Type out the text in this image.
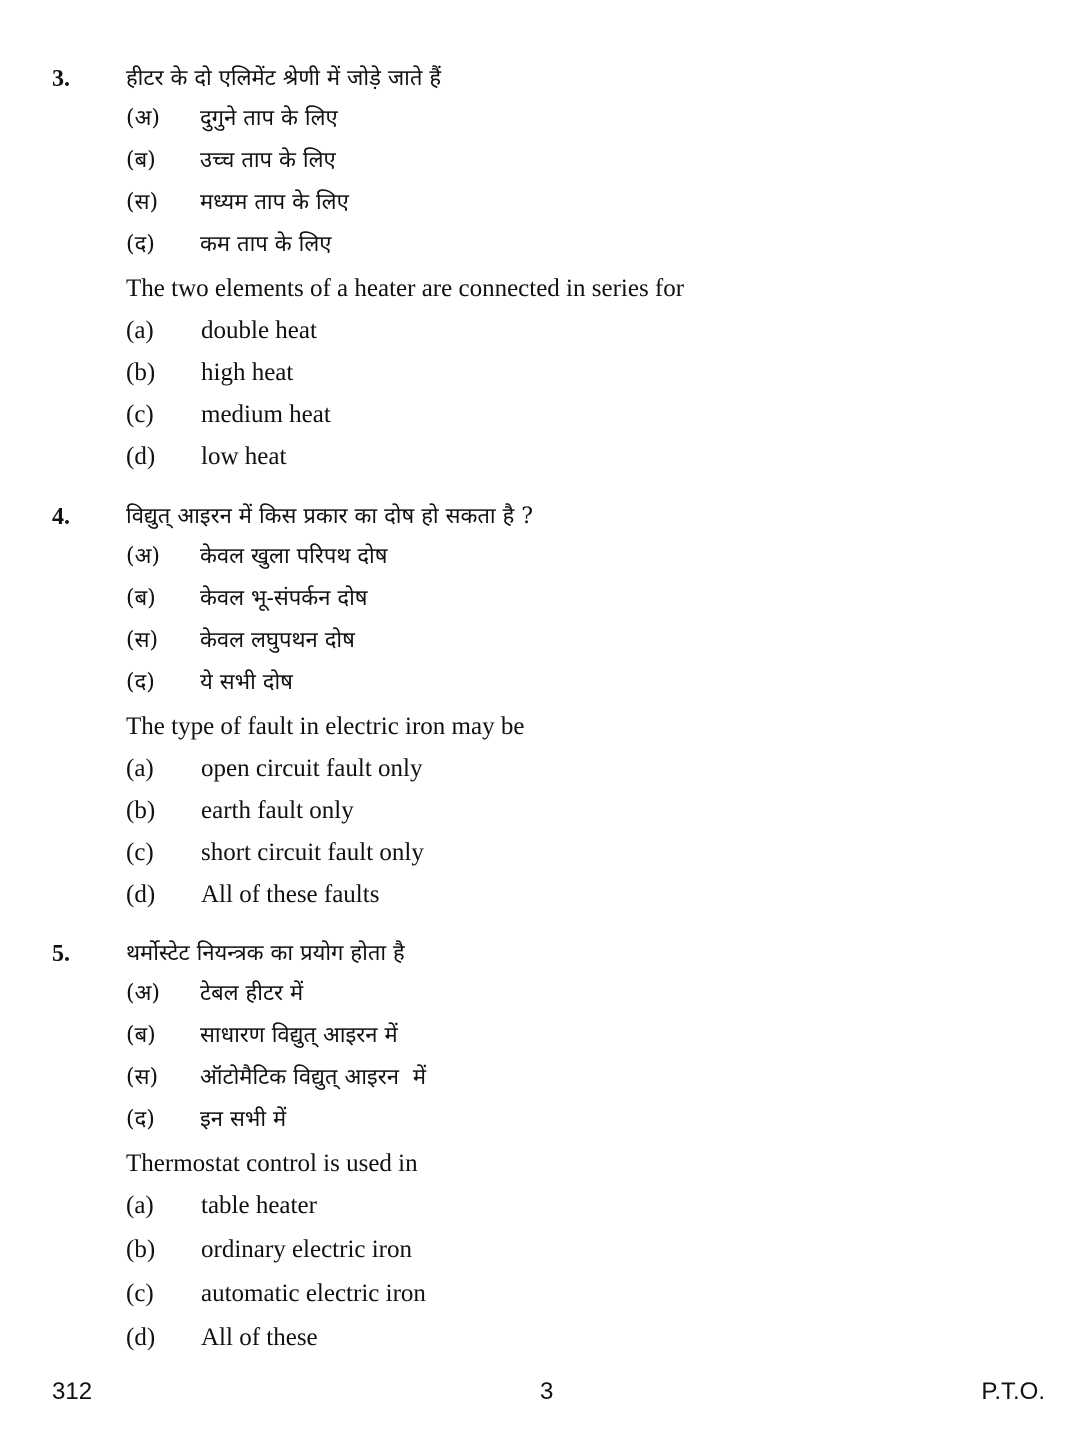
3.	हीटर के दो एलिमेंट श्रेणी में जोड़े जाते हैं
(अ) दुगुने ताप के लिए
(ब) उच्च ताप के लिए
(स) मध्यम ताप के लिए
(द) कम ताप के लिए
The two elements of a heater are connected in series for
(a) double heat
(b) high heat
(c) medium heat
(d) low heat
4.	विद्युत् आइरन में किस प्रकार का दोष हो सकता है ?
(अ) केवल खुला परिपथ दोष
(ब) केवल भू-संपर्कन दोष
(स) केवल लघुपथन दोष
(द) ये सभी दोष
The type of fault in electric iron may be
(a) open circuit fault only
(b) earth fault only
(c) short circuit fault only
(d) All of these faults
5.	थर्मोस्टेट नियन्त्रक का प्रयोग होता है
(अ) टेबल हीटर में
(ब) साधारण विद्युत् आइरन में
(स) ऑटोमैटिक विद्युत् आइरन  में
(द) इन सभी में
Thermostat control is used in
(a) table heater
(b) ordinary electric iron
(c) automatic electric iron
(d) All of these
312	3	P.T.O.
